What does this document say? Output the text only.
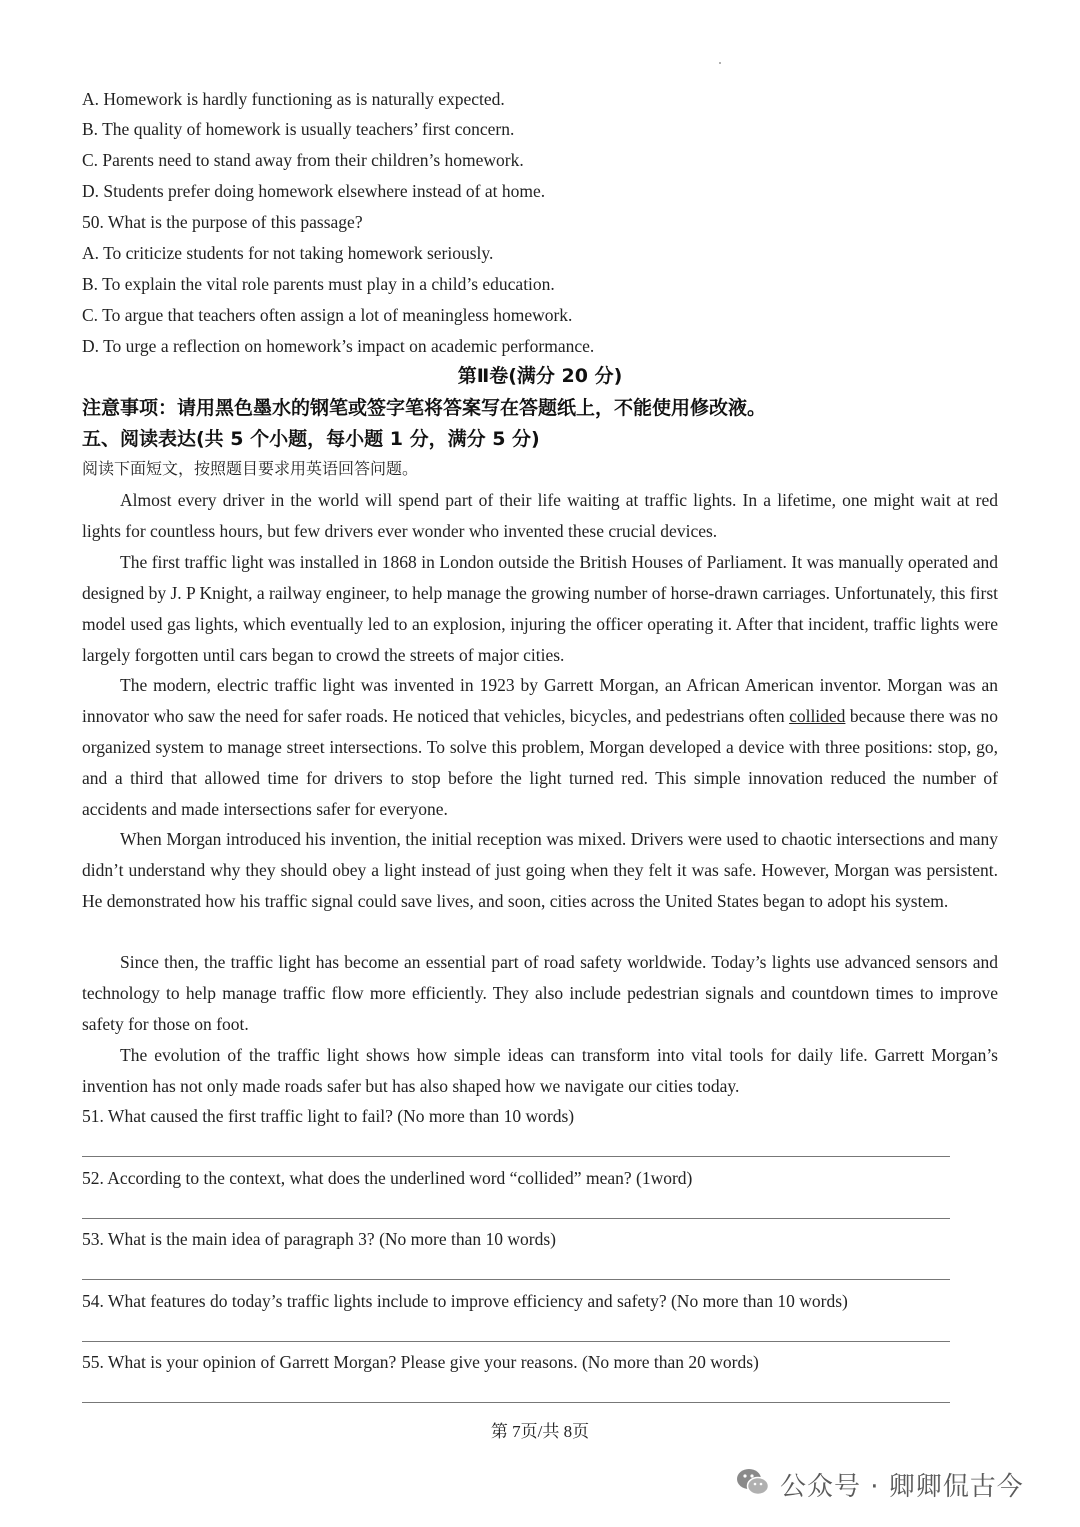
A. Homework is hardly functioning as is naturally expected.
B. The quality of homework is usually teachers’ first concern.
C. Parents need to stand away from their children’s homework.
D. Students prefer doing homework elsewhere instead of at home.
50. What is the purpose of this passage?
A. To criticize students for not taking homework seriously.
B. To explain the vital role parents must play in a child’s education.
C. To argue that teachers often assign a lot of meaningless homework.
D. To urge a reflection on homework’s impact on academic performance.
第Ⅱ卷(满分 20 分)
注意事项：请用黑色墨水的钢笔或签字笔将答案写在答题纸上，不能使用修改液。
五、阅读表达(共 5 个小题，每小题 1 分，满分 5 分)
阅读下面短文，按照题目要求用英语回答问题。

Almost every driver in the world will spend part of their life waiting at traffic lights. In a lifetime, one might wait at red lights for countless hours, but few drivers ever wonder who invented these crucial devices.

The first traffic light was installed in 1868 in London outside the British Houses of Parliament. It was manually operated and designed by J. P Knight, a railway engineer, to help manage the growing number of horse-drawn carriages. Unfortunately, this first model used gas lights, which eventually led to an explosion, injuring the officer operating it. After that incident, traffic lights were largely forgotten until cars began to crowd the streets of major cities.

The modern, electric traffic light was invented in 1923 by Garrett Morgan, an African American inventor. Morgan was an innovator who saw the need for safer roads. He noticed that vehicles, bicycles, and pedestrians often collided because there was no organized system to manage street intersections. To solve this problem, Morgan developed a device with three positions: stop, go, and a third that allowed time for drivers to stop before the light turned red. This simple innovation reduced the number of accidents and made intersections safer for everyone.

When Morgan introduced his invention, the initial reception was mixed. Drivers were used to chaotic intersections and many didn’t understand why they should obey a light instead of just going when they felt it was safe. However, Morgan was persistent. He demonstrated how his traffic signal could save lives, and soon, cities across the United States began to adopt his system.

Since then, the traffic light has become an essential part of road safety worldwide. Today’s lights use advanced sensors and technology to help manage traffic flow more efficiently. They also include pedestrian signals and countdown times to improve safety for those on foot.

The evolution of the traffic light shows how simple ideas can transform into vital tools for daily life. Garrett Morgan’s invention has not only made roads safer but has also shaped how we navigate our cities today.

51. What caused the first traffic light to fail? (No more than 10 words)
52. According to the context, what does the underlined word “collided” mean? (1word)
53. What is the main idea of paragraph 3? (No more than 10 words)
54. What features do today’s traffic lights include to improve efficiency and safety? (No more than 10 words)
55. What is your opinion of Garrett Morgan? Please give your reasons. (No more than 20 words)
第 7页/共 8页
公众号 · 卿卿侃古今
